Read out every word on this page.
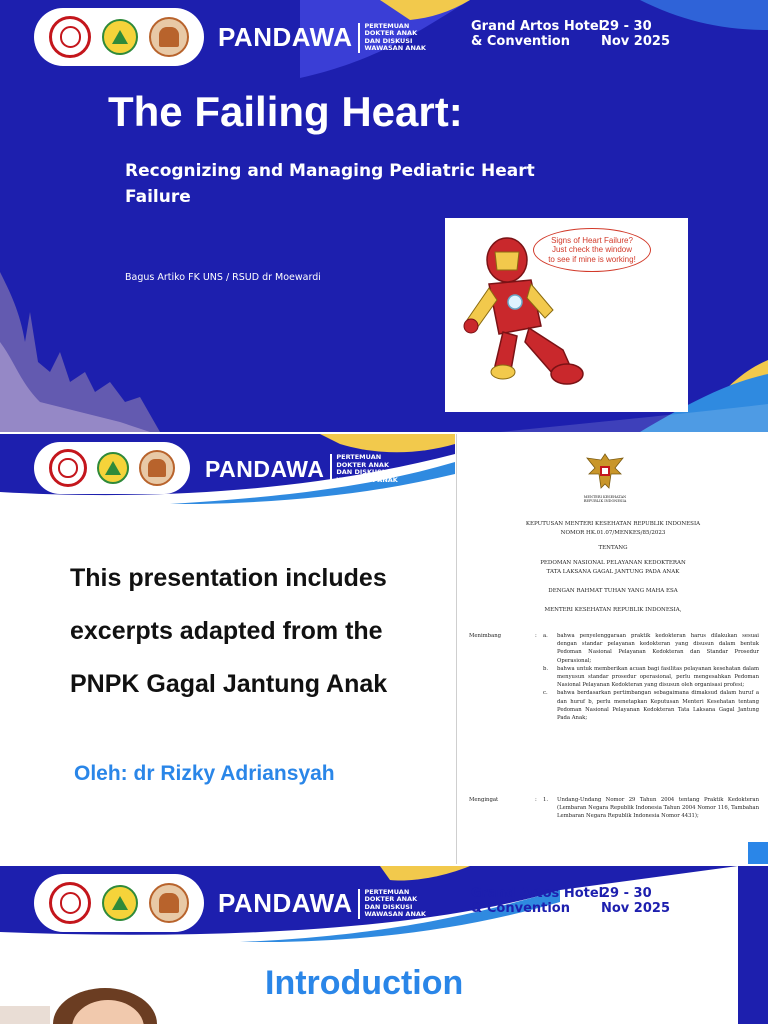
PANDAWA PERTEMUAN
DOKTER ANAK
DAN DISKUSI
WAWASAN ANAK
Grand Artos Hotel
& Convention
29 - 30
Nov 2025
The Failing Heart:
Recognizing and Managing Pediatric Heart Failure
Bagus Artiko FK UNS / RSUD dr Moewardi
Signs of Heart Failure?
Just check the window
to see if mine is working!
PANDAWA PERTEMUAN
DOKTER ANAK
DAN DISKUSI
WAWASAN ANAK
This presentation includes excerpts adapted from the PNPK Gagal Jantung Anak
Oleh: dr Rizky Adriansyah
MENTERI KESEHATAN
REPUBLIK INDONESIA

KEPUTUSAN MENTERI KESEHATAN REPUBLIK INDONESIA

NOMOR HK.01.07/MENKES/85/2023

TENTANG

PEDOMAN NASIONAL PELAYANAN KEDOKTERAN

TATA LAKSANA GAGAL JANTUNG PADA ANAK

DENGAN RAHMAT TUHAN YANG MAHA ESA

MENTERI KESEHATAN REPUBLIK INDONESIA,

Menimbang	: a. bahwa penyelenggaraan praktik kedokteran harus dilakukan sesuai dengan standar pelayanan kedokteran yang disusun dalam bentuk Pedoman Nasional Pelayanan Kedokteran dan Standar Prosedur Operasional;
b. bahwa untuk memberikan acuan bagi fasilitas pelayanan kesehatan dalam menyusun standar prosedur operasional, perlu mengesahkan Pedoman Nasional Pelayanan Kedokteran yang disusun oleh organisasi profesi;
c. bahwa berdasarkan pertimbangan sebagaimana dimaksud dalam huruf a dan huruf b, perlu menetapkan Keputusan Menteri Kesehatan tentang Pedoman Nasional Pelayanan Kedokteran Tata Laksana Gagal Jantung Pada Anak;
Mengingat	: 1. Undang-Undang Nomor 29 Tahun 2004 tentang Praktik Kedokteran (Lembaran Negara Republik Indonesia Tahun 2004 Nomor 116, Tambahan Lembaran Negara Republik Indonesia Nomor 4431);
PANDAWA PERTEMUAN
DOKTER ANAK
DAN DISKUSI
WAWASAN ANAK
Grand Artos Hotel
& Convention
29 - 30
Nov 2025
Introduction
